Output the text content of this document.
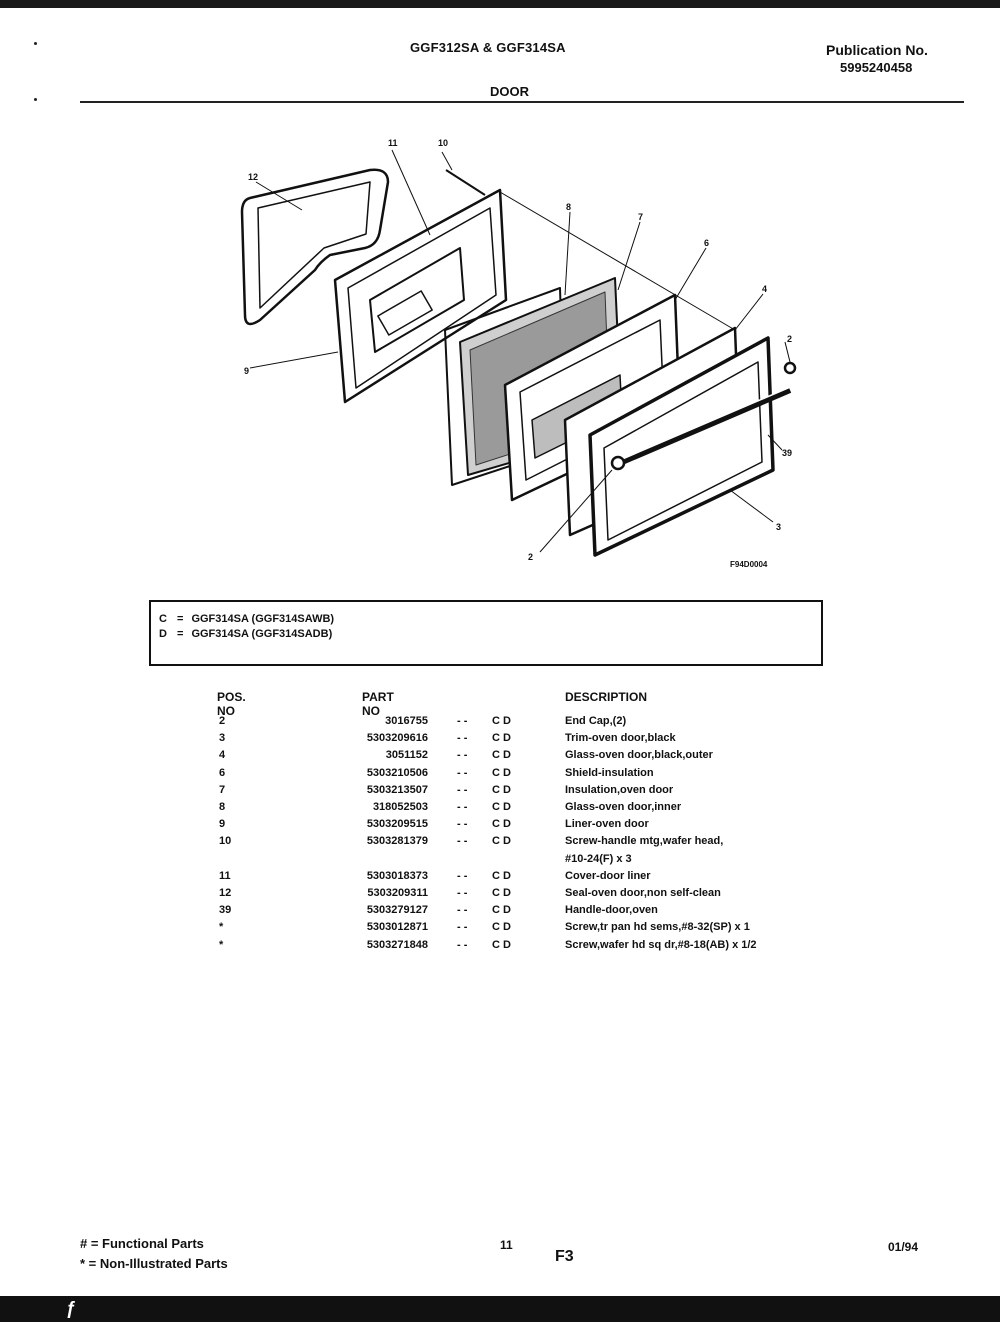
GGF312SA & GGF314SA	Publication No.
5995240458
DOOR
12
11	10
9
8
7
6
4
2
39
3
2
F94D0004
C = GGF314SA (GGF314SAWB)
D = GGF314SA (GGF314SADB)
POS. NO
PART NO
DESCRIPTION
2	3016755	- - C D	End Cap,(2)
3	5303209616	- - C D	Trim-oven door,black
4	3051152	- - C D	Glass-oven door,black,outer
6	5303210506	- - C D	Shield-insulation
7	5303213507	- - C D	Insulation,oven door
8	318052503	- - C D	Glass-oven door,inner
9	5303209515	- - C D	Liner-oven door
10	5303281379	- - C D	Screw-handle mtg,wafer head,
#10-24(F) x 3
11	5303018373	- - C D	Cover-door liner
12	5303209311	- - C D	Seal-oven door,non self-clean
39	5303279127	- - C D	Handle-door,oven
*	5303012871	- - C D	Screw,tr pan hd sems,#8-32(SP) x 1
*	5303271848	- - C D	Screw,wafer hd sq dr,#8-18(AB) x 1/2
# = Functional Parts
* = Non-Illustrated Parts
11
F3
01/94
ƒ
